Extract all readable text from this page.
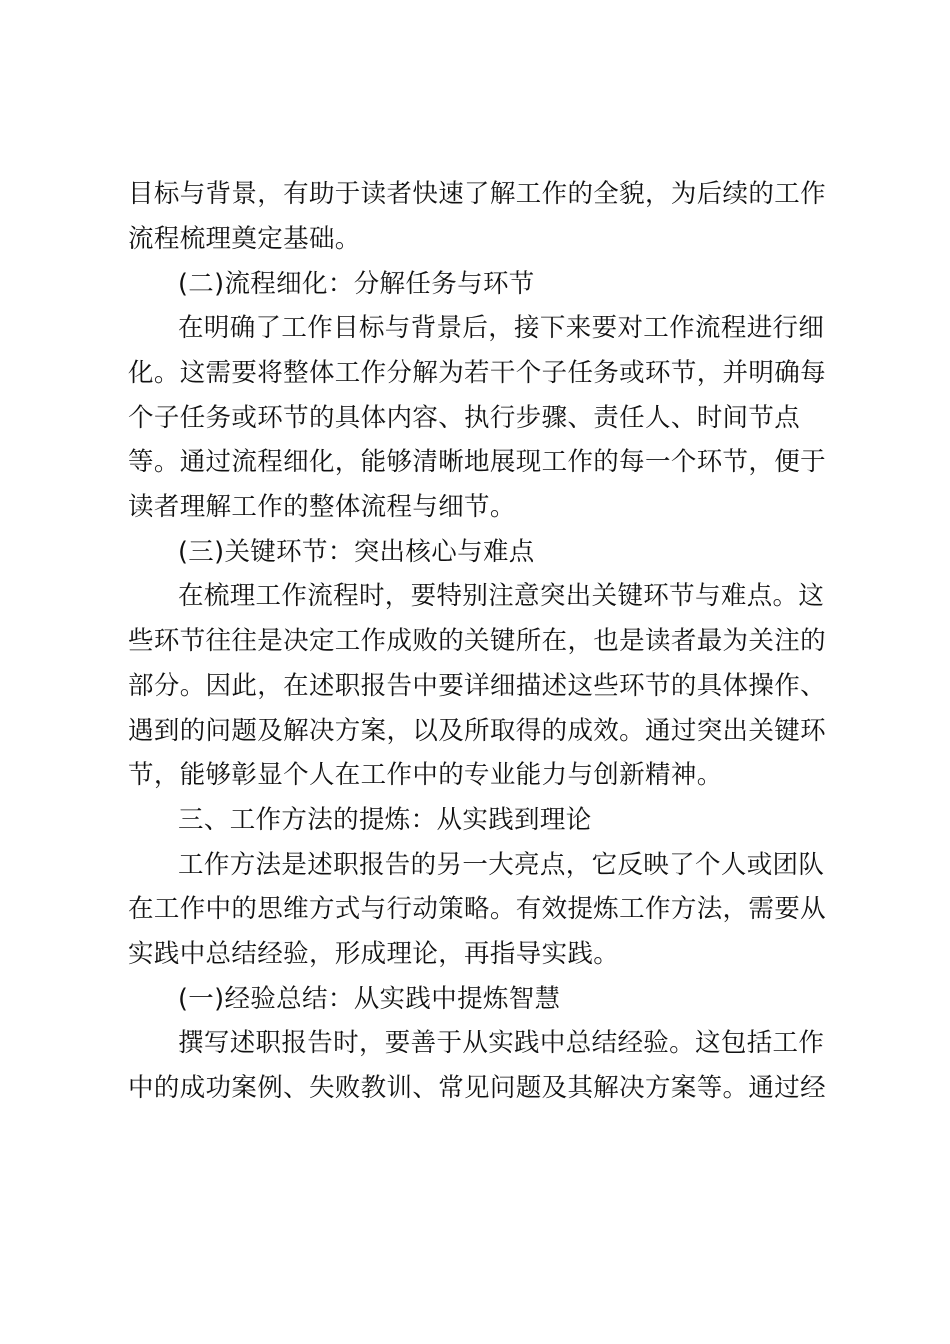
目标与背景，有助于读者快速了解工作的全貌，为后续的工作
流程梳理奠定基础。
(二)流程细化：分解任务与环节
在明确了工作目标与背景后，接下来要对工作流程进行细
化。这需要将整体工作分解为若干个子任务或环节，并明确每
个子任务或环节的具体内容、执行步骤、责任人、时间节点
等。通过流程细化，能够清晰地展现工作的每一个环节，便于
读者理解工作的整体流程与细节。
(三)关键环节：突出核心与难点
在梳理工作流程时，要特别注意突出关键环节与难点。这
些环节往往是决定工作成败的关键所在，也是读者最为关注的
部分。因此，在述职报告中要详细描述这些环节的具体操作、
遇到的问题及解决方案，以及所取得的成效。通过突出关键环
节，能够彰显个人在工作中的专业能力与创新精神。
三、工作方法的提炼：从实践到理论
工作方法是述职报告的另一大亮点，它反映了个人或团队
在工作中的思维方式与行动策略。有效提炼工作方法，需要从
实践中总结经验，形成理论，再指导实践。
(一)经验总结：从实践中提炼智慧
撰写述职报告时，要善于从实践中总结经验。这包括工作
中的成功案例、失败教训、常见问题及其解决方案等。通过经
